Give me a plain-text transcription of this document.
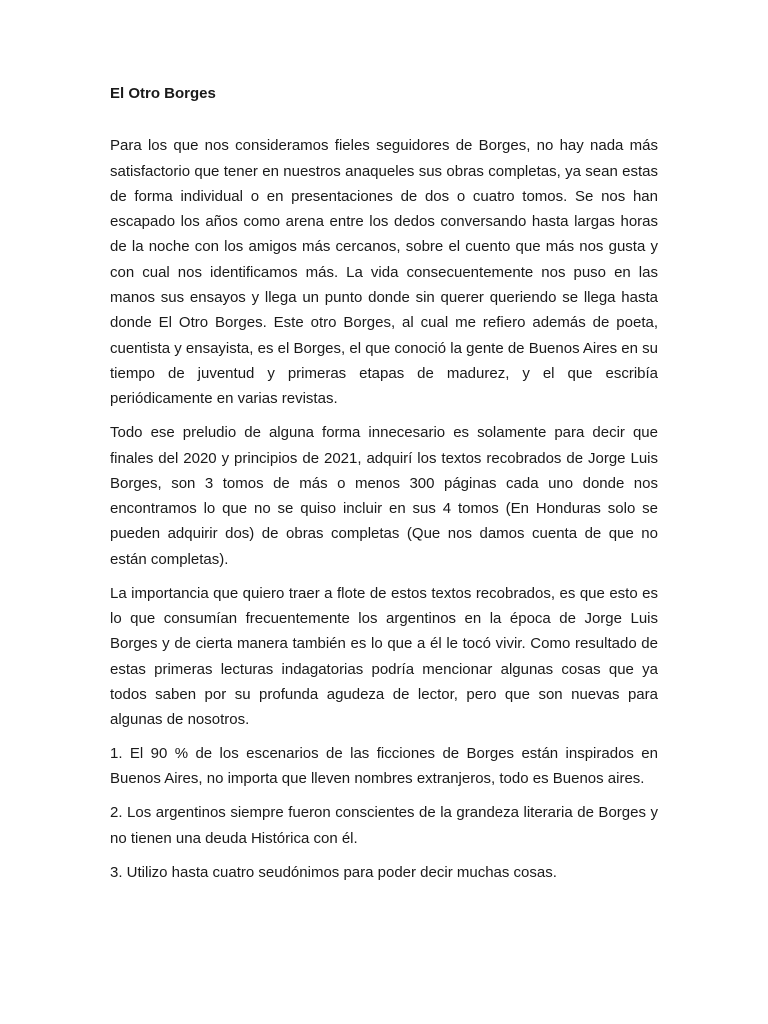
El Otro Borges

Para los que nos consideramos fieles seguidores de Borges, no hay nada más satisfactorio que tener en nuestros anaqueles sus obras completas, ya sean estas de forma individual o en presentaciones de dos o cuatro tomos. Se nos han escapado los años como arena entre los dedos conversando hasta largas horas de la noche con los amigos más cercanos, sobre el cuento que más nos gusta y con cual nos identificamos más. La vida consecuentemente nos puso en las manos sus ensayos y llega un punto donde sin querer queriendo se llega hasta donde El Otro Borges. Este otro Borges, al cual me refiero además de poeta, cuentista y ensayista, es el Borges, el que conoció la gente de Buenos Aires en su tiempo de juventud y primeras etapas de madurez, y el que escribía periódicamente en varias revistas.

Todo ese preludio de alguna forma innecesario es solamente para decir que finales del 2020 y principios de 2021, adquirí los textos recobrados de Jorge Luis Borges, son 3 tomos de más o menos 300 páginas cada uno donde nos encontramos lo que no se quiso incluir en sus 4 tomos (En Honduras solo se pueden adquirir dos) de obras completas (Que nos damos cuenta de que no están completas).

La importancia que quiero traer a flote de estos textos recobrados, es que esto es lo que consumían frecuentemente los argentinos en la época de Jorge Luis Borges y de cierta manera también es lo que a él le tocó vivir. Como resultado de estas primeras lecturas indagatorias podría mencionar algunas cosas que ya todos saben por su profunda agudeza de lector, pero que son nuevas para algunas de nosotros.

1. El 90 % de los escenarios de las ficciones de Borges están inspirados en Buenos Aires, no importa que lleven nombres extranjeros, todo es Buenos aires.

2. Los argentinos siempre fueron conscientes de la grandeza literaria de Borges y no tienen una deuda Histórica con él.

3. Utilizo hasta cuatro seudónimos para poder decir muchas cosas.
